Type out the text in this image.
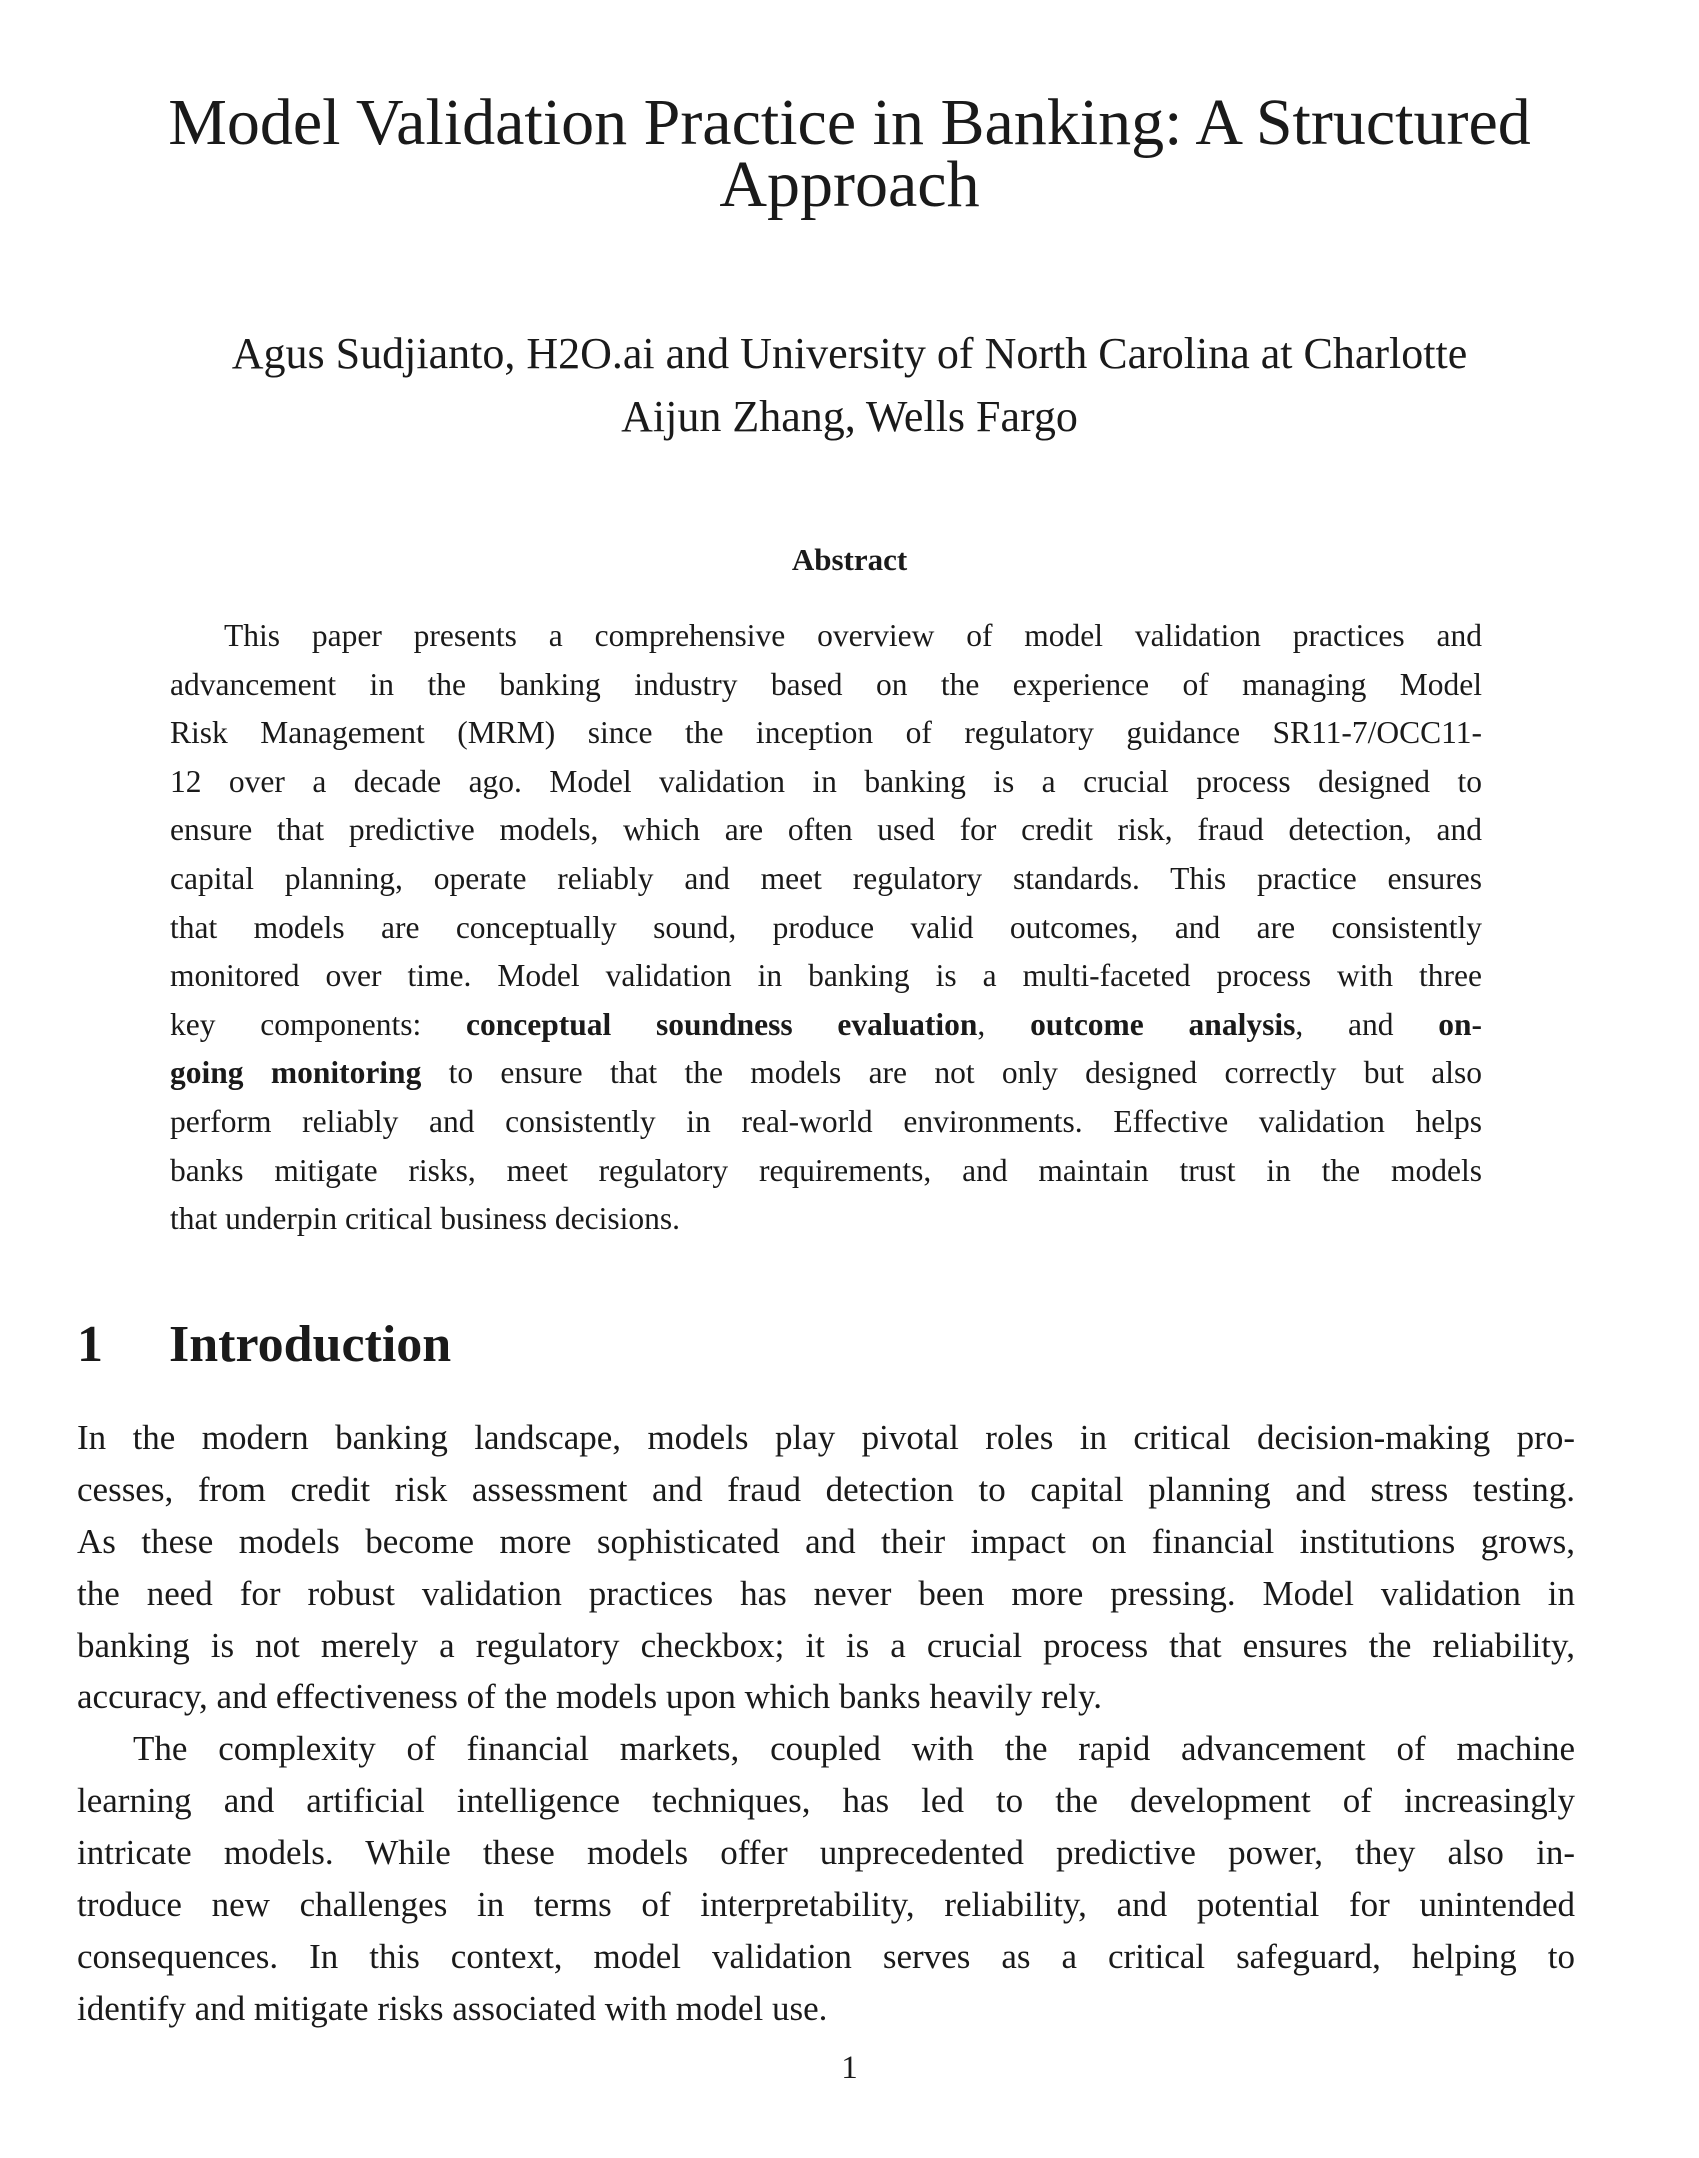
Model Validation Practice in Banking: A Structured
Approach
Agus Sudjianto, H2O.ai and University of North Carolina at Charlotte
Aijun Zhang, Wells Fargo
Abstract
This paper presents a comprehensive overview of model validation practices and
advancement in the banking industry based on the experience of managing Model
Risk Management (MRM) since the inception of regulatory guidance SR11-7/OCC11-
12 over a decade ago. Model validation in banking is a crucial process designed to
ensure that predictive models, which are often used for credit risk, fraud detection, and
capital planning, operate reliably and meet regulatory standards. This practice ensures
that models are conceptually sound, produce valid outcomes, and are consistently
monitored over time. Model validation in banking is a multi-faceted process with three
key components: conceptual soundness evaluation, outcome analysis, and on-
going monitoring to ensure that the models are not only designed correctly but also
perform reliably and consistently in real-world environments. Effective validation helps
banks mitigate risks, meet regulatory requirements, and maintain trust in the models
that underpin critical business decisions.
1 Introduction
In the modern banking landscape, models play pivotal roles in critical decision-making pro-
cesses, from credit risk assessment and fraud detection to capital planning and stress testing.
As these models become more sophisticated and their impact on financial institutions grows,
the need for robust validation practices has never been more pressing. Model validation in
banking is not merely a regulatory checkbox; it is a crucial process that ensures the reliability,
accuracy, and effectiveness of the models upon which banks heavily rely.
The complexity of financial markets, coupled with the rapid advancement of machine
learning and artificial intelligence techniques, has led to the development of increasingly
intricate models. While these models offer unprecedented predictive power, they also in-
troduce new challenges in terms of interpretability, reliability, and potential for unintended
consequences. In this context, model validation serves as a critical safeguard, helping to
identify and mitigate risks associated with model use.
1
